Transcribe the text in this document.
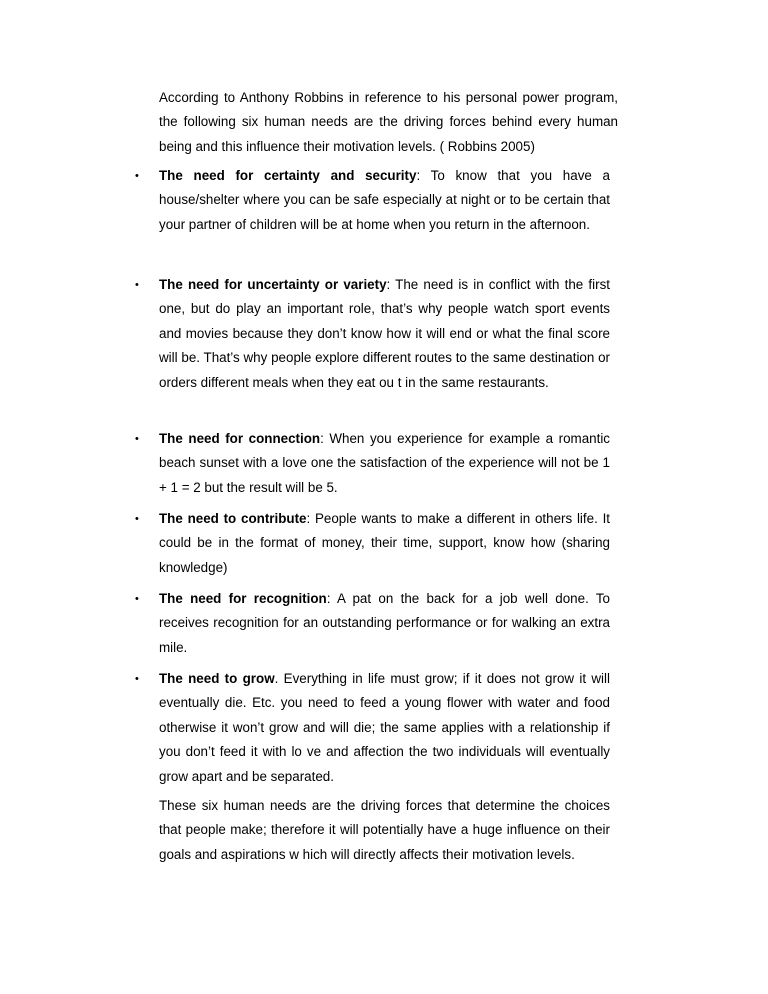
According to Anthony Robbins in reference to his personal power program, the following six human needs are the driving forces behind every human being and this influence their motivation levels. ( Robbins 2005)

• The need for certainty and security: To know that you have a house/shelter where you can be safe especially at night or to be certain that your partner of children will be at home when you return in the afternoon.

• The need for uncertainty or variety: The need is in conflict with the first one, but do play an important role, that’s why people watch sport events and movies because they don’t know how it will end or what the final score will be. That’s why people explore different routes to the same destination or orders different meals when they eat ou t in the same restaurants.

• The need for connection: When you experience for example a romantic beach sunset with a love one the satisfaction of the experience will not be 1 + 1 = 2 but the result will be 5.

• The need to contribute: People wants to make a different in others life. It could be in the format of money, their time, support, know how (sharing knowledge)

• The need for recognition: A pat on the back for a job well done. To receives recognition for an outstanding performance or for walking an extra mile.

• The need to grow. Everything in life must grow; if it does not grow it will eventually die. Etc. you need to feed a young flower with water and food otherwise it won’t grow and will die; the same applies with a relationship if you don’t feed it with lo ve and affection the two individuals will eventually grow apart and be separated.

These six human needs are the driving forces that determine the choices that people make; therefore it will potentially have a huge influence on their goals and aspirations w hich will directly affects their motivation levels.
